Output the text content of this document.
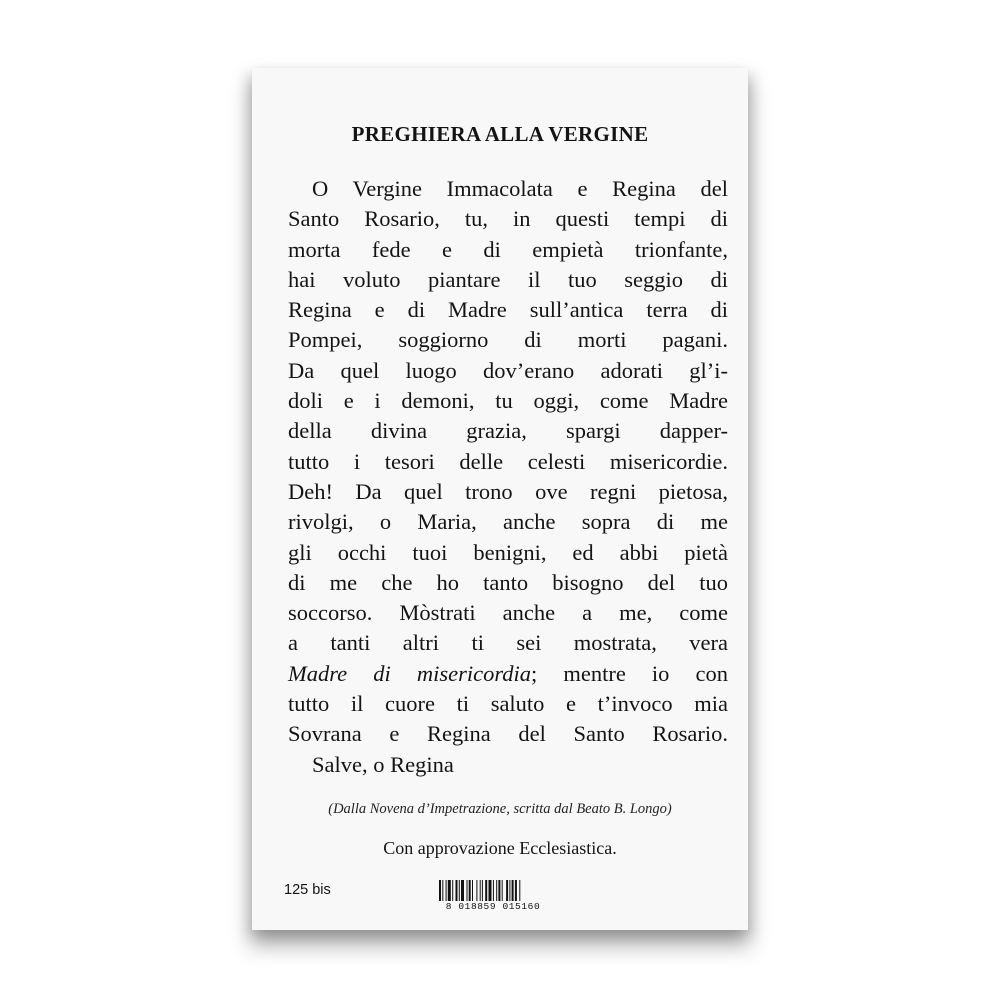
PREGHIERA ALLA VERGINE
O Vergine Immacolata e Regina del
Santo Rosario, tu, in questi tempi di
morta fede e di empietà trionfante,
hai voluto piantare il tuo seggio di
Regina e di Madre sull’antica terra di
Pompei, soggiorno di morti pagani.
Da quel luogo dov’erano adorati gl’i-
doli e i demoni, tu oggi, come Madre
della divina grazia, spargi dapper-
tutto i tesori delle celesti misericordie.
Deh! Da quel trono ove regni pietosa,
rivolgi, o Maria, anche sopra di me
gli occhi tuoi benigni, ed abbi pietà
di me che ho tanto bisogno del tuo
soccorso. Mòstrati anche a me, come
a tanti altri ti sei mostrata, vera
Madre di misericordia; mentre io con
tutto il cuore ti saluto e t’invoco mia
Sovrana e Regina del Santo Rosario.
Salve, o Regina
(Dalla Novena d’Impetrazione, scritta dal Beato B. Longo)
Con approvazione Ecclesiastica.
125 bis
8 018859 015160
